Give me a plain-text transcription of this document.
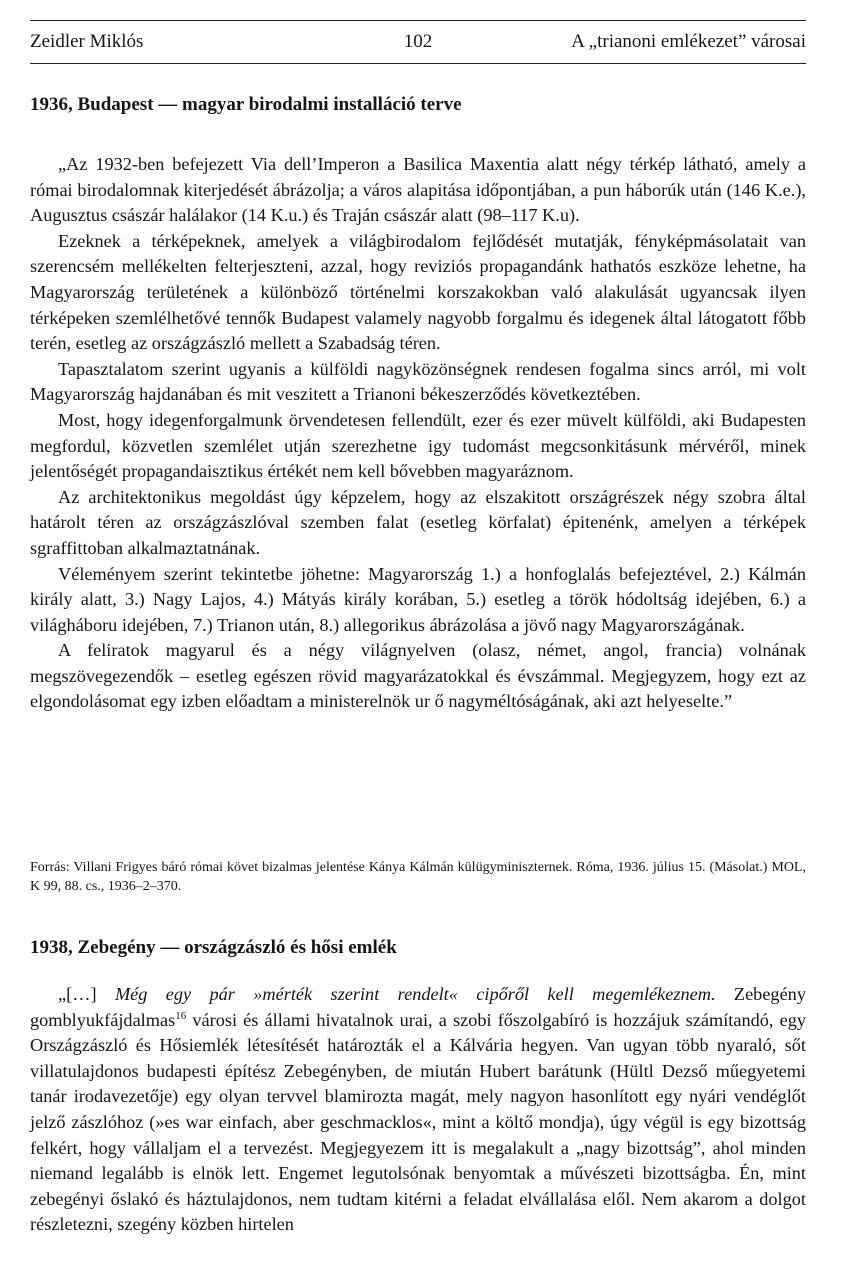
Zeidler Miklós	102	A „trianoni emlékezet” városai
1936, Budapest — magyar birodalmi installáció terve

„Az 1932-ben befejezett Via dell’Imperon a Basilica Maxentia alatt négy térkép látható, amely a római birodalomnak kiterjedését ábrázolja; a város alapitása időpontjában, a pun háborúk után (146 K.e.), Augusztus császár halálakor (14 K.u.) és Traján császár alatt (98–117 K.u).

Ezeknek a térképeknek, amelyek a világbirodalom fejlődését mutatják, fényképmásolatait van szerencsém mellékelten felterjeszteni, azzal, hogy reviziós propagandánk hathatós eszköze lehetne, ha Magyarország területének a különböző történelmi korszakokban való alakulását ugyancsak ilyen térképeken szemlélhetővé tennők Budapest valamely nagyobb forgalmu és idegenek által látogatott főbb terén, esetleg az országzászló mellett a Szabadság téren.

Tapasztalatom szerint ugyanis a külföldi nagyközönségnek rendesen fogalma sincs arról, mi volt Magyarország hajdanában és mit veszitett a Trianoni békeszerződés következtében.

Most, hogy idegenforgalmunk örvendetesen fellendült, ezer és ezer müvelt külföldi, aki Budapesten megfordul, közvetlen szemlélet utján szerezhetne igy tudomást megcsonkitásunk mérvéről, minek jelentőségét propagandaisztikus értékét nem kell bővebben magyaráznom.

Az architektonikus megoldást úgy képzelem, hogy az elszakitott országrészek négy szobra által határolt téren az országzászlóval szemben falat (esetleg körfalat) épitenénk, amelyen a térképek sgraffittoban alkalmaztatnának.

Véleményem szerint tekintetbe jöhetne: Magyarország 1.) a honfoglalás befejeztével, 2.) Kálmán király alatt, 3.) Nagy Lajos, 4.) Mátyás király korában, 5.) esetleg a török hódoltság idejében, 6.) a világháboru idejében, 7.) Trianon után, 8.) allegorikus ábrázolása a jövő nagy Magyarországának.

A feliratok magyarul és a négy világnyelven (olasz, német, angol, francia) volnának megszövegezendők – esetleg egészen rövid magyarázatokkal és évszámmal. Megjegyzem, hogy ezt az elgondolásomat egy izben előadtam a ministerelnök ur ő nagyméltóságának, aki azt helyeselte.”

Forrás: Villani Frigyes báró római követ bizalmas jelentése Kánya Kálmán külügyminiszternek. Róma, 1936. július 15. (Másolat.) MOL, K 99, 88. cs., 1936–2–370.

1938, Zebegény — országzászló és hősi emlék

„[…] Még egy pár »mérték szerint rendelt« cipőről kell megemlékeznem. Zebegény gomblyukfájdalmas$^{16}$ városi és állami hivatalnok urai, a szobi főszolgabíró is hozzájuk számítandó, egy Országzászló és Hősiemlék létesítését határozták el a Kálvária hegyen. Van ugyan több nyaraló, sőt villatulajdonos budapesti építész Zebegényben, de miután Hubert barátunk (Hültl Dezső műegyetemi tanár irodavezetője) egy olyan tervvel blamirozta magát, mely nagyon hasonlított egy nyári vendéglőt jelző zászlóhoz (»es war einfach, aber geschmacklos«, mint a költő mondja), úgy végül is egy bizottság felkért, hogy vállaljam el a tervezést. Megjegyezem itt is megalakult a „nagy bizottság”, ahol minden niemand legalább is elnök lett. Engemet legutolsónak benyomtak a művészeti bizottságba. Én, mint zebegényi őslakó és háztulajdonos, nem tudtam kitérni a feladat elvállalása elől. Nem akarom a dolgot részletezni, szegény közben hirtelen
